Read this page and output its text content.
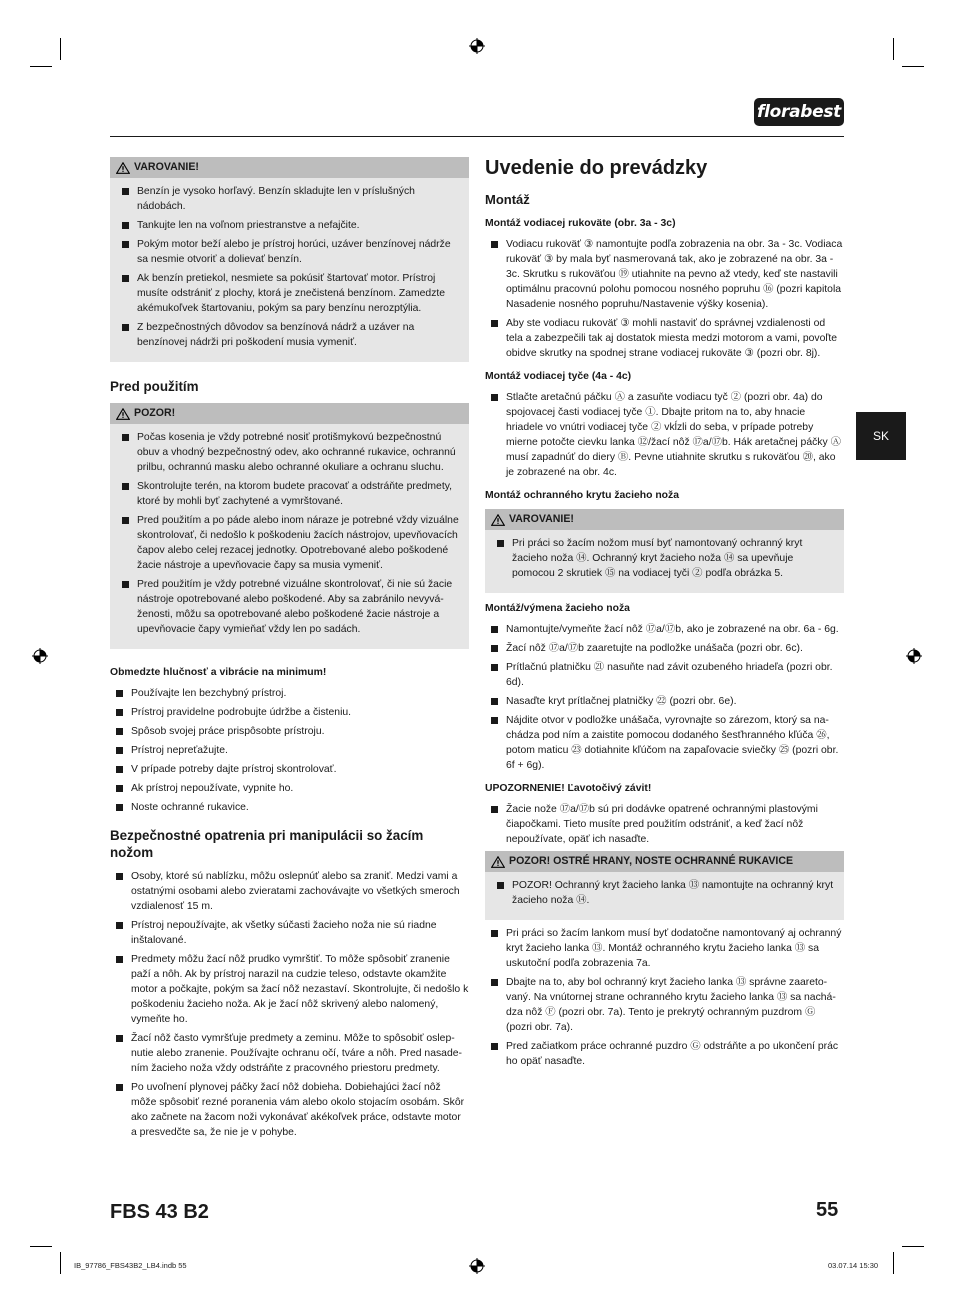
florabest
SK
VAROVANIE!
Benzín je vysoko horľavý. Benzín skladujte len v príslušných nádobách.
Tankujte len na voľnom priestranstve a nefajčite.
Pokým motor beží alebo je prístroj horúci, uzáver benzínovej nádrže sa nesmie otvoriť a dolievať benzín.
Ak benzín pretiekol, nesmiete sa pokúsiť štartovať motor. Prístroj musíte odstrániť z plochy, ktorá je znečistená benzínom. Zamedzte akémukoľvek štartovaniu, pokým sa pary benzínu nerozptýlia.
Z bezpečnostných dôvodov sa benzínová nádrž a uzáver na benzínovej nádrži pri poškodení musia vymeniť.
Pred použitím
POZOR!
Počas kosenia je vždy potrebné nosiť protišmykovú bezpečnostnú obuv a vhodný bezpečnostný odev, ako ochranné rukavice, ochrannú prilbu, ochrannú masku alebo ochranné okuliare a ochranu sluchu.
Skontrolujte terén, na ktorom budete pracovať a odstráňte predmety, ktoré by mohli byť zachytené a vymrštované.
Pred použitím a po páde alebo inom náraze je potrebné vždy vizuálne skontrolovať, či nedošlo k poškodeniu žacích nástrojov, upevňovacích čapov alebo celej rezacej jednotky. Opotrebované alebo poškodené žacie nástroje a upevňovacie čapy sa musia vymeniť.
Pred použitím je vždy potrebné vizuálne skontrolovať, či nie sú žacie nástroje opotrebované alebo poškodené. Aby sa zabránilo nevyvá-ženosti, môžu sa opotrebované alebo poškodené žacie nástroje a upevňovacie čapy vymieňať vždy len po sadách.
Obmedzte hlučnosť a vibrácie na minimum!
Používajte len bezchybný prístroj.
Prístroj pravidelne podrobujte údržbe a čisteniu.
Spôsob svojej práce prispôsobte prístroju.
Prístroj nepreťažujte.
V prípade potreby dajte prístroj skontrolovať.
Ak prístroj nepoužívate, vypnite ho.
Noste ochranné rukavice.
Bezpečnostné opatrenia pri manipulácii so žacím nožom
Osoby, ktoré sú nablízku, môžu oslepnúť alebo sa zraniť. Medzi vami a ostatnými osobami alebo zvieratami zachovávajte vo všetkých smeroch vzdialenosť 15 m.
Prístroj nepoužívajte, ak všetky súčasti žacieho noža nie sú riadne inštalované.
Predmety môžu žací nôž prudko vymrštiť. To môže spôsobiť zranenie paží a nôh. Ak by prístroj narazil na cudzie teleso, odstavte okamžite motor a počkajte, pokým sa žací nôž nezastaví. Skontrolujte, či nedošlo k poškodeniu žacieho noža. Ak je žací nôž skrivený alebo nalomený, vymeňte ho.
Žací nôž často vymršťuje predmety a zeminu. Môže to spôsobiť oslep-nutie alebo zranenie. Používajte ochranu očí, tváre a nôh. Pred nasade-ním žacieho noža vždy odstráňte z pracovného priestoru predmety.
Po uvoľnení plynovej páčky žací nôž dobieha. Dobiehajúci žací nôž môže spôsobiť rezné poranenia vám alebo okolo stojacím osobám. Skôr ako začnete na žacom noži vykonávať akékoľvek práce, odstavte motor a presvedčte sa, že nie je v pohybe.
Uvedenie do prevádzky
Montáž
Montáž vodiacej rukoväte (obr. 3a - 3c)
Vodiacu rukoväť ③ namontujte podľa zobrazenia na obr. 3a - 3c. Vodiaca rukoväť ③ by mala byť nasmerovaná tak, ako je zobrazené na obr. 3a - 3c. Skrutku s rukoväťou ⑲ utiahnite na pevno až vtedy, keď ste nastavili optimálnu pracovnú polohu pomocou nosného popruhu ⑯ (pozri kapitola Nasadenie nosného popruhu/Nastavenie výšky kosenia).
Aby ste vodiacu rukoväť ③ mohli nastaviť do správnej vzdialenosti od tela a zabezpečili tak aj dostatok miesta medzi motorom a vami, povoľte obidve skrutky na spodnej strane vodiacej rukoväte ③ (pozri obr. 8j).
Montáž vodiacej tyče (4a - 4c)
Stlačte aretačnú páčku Ⓐ a zasuňte vodiacu tyč ② (pozri obr. 4a) do spojovacej časti vodiacej tyče ①. Dbajte pritom na to, aby hnacie hriadele vo vnútri vodiacej tyče ② vkĺzli do seba, v prípade potreby mierne potočte cievku lanka ⑫/žací nôž ⑰a/⑰b. Hák aretačnej páčky Ⓐ musí zapadnúť do diery Ⓑ. Pevne utiahnite skrutku s rukoväťou ⑳, ako je zobrazené na obr. 4c.
Montáž ochranného krytu žacieho noža
VAROVANIE!
Pri práci so žacím nožom musí byť namontovaný ochranný kryt žacieho noža ⑭. Ochranný kryt žacieho noža ⑭ sa upevňuje pomocou 2 skrutiek ⑮ na vodiacej tyči ② podľa obrázka 5.
Montáž/výmena žacieho noža
Namontujte/vymeňte žací nôž ⑰a/⑰b, ako je zobrazené na obr. 6a - 6g.
Žací nôž ⑰a/⑰b zaaretujte na podložke unášača (pozri obr. 6c).
Prítlačnú platničku ㉑ nasuňte nad závit ozubeného hriadeľa (pozri obr. 6d).
Nasaďte kryt prítlačnej platničky ㉒ (pozri obr. 6e).
Nájdite otvor v podložke unášača, vyrovnajte so zárezom, ktorý sa na-chádza pod ním a zaistite pomocou dodaného šesťhranného kľúča ㉖, potom maticu ㉓ dotiahnite kľúčom na zapaľovacie sviečky ㉕ (pozri obr. 6f + 6g).
UPOZORNENIE! Ľavotočivý závit!
Žacie nože ⑰a/⑰b sú pri dodávke opatrené ochrannými plastovými čiapočkami. Tieto musíte pred použitím odstrániť, a keď žací nôž nepoužívate, opäť ich nasaďte.
POZOR! OSTRÉ HRANY, NOSTE OCHRANNÉ RUKAVICE
POZOR! Ochranný kryt žacieho lanka ⑬ namontujte na ochranný kryt žacieho noža ⑭.
Pri práci so žacím lankom musí byť dodatočne namontovaný aj ochranný kryt žacieho lanka ⑬. Montáž ochranného krytu žacieho lanka ⑬ sa uskutoční podľa zobrazenia 7a.
Dbajte na to, aby bol ochranný kryt žacieho lanka ⑬ správne zaareto-vaný. Na vnútornej strane ochranného krytu žacieho lanka ⑬ sa nachá-dza nôž Ⓕ (pozri obr. 7a). Tento je prekrytý ochranným puzdrom Ⓖ (pozri obr. 7a).
Pred začiatkom práce ochranné puzdro Ⓖ odstráňte a po ukončení prác ho opäť nasaďte.
FBS 43 B2	55
IB_97786_FBS43B2_LB4.indb 55	03.07.14 15:30
